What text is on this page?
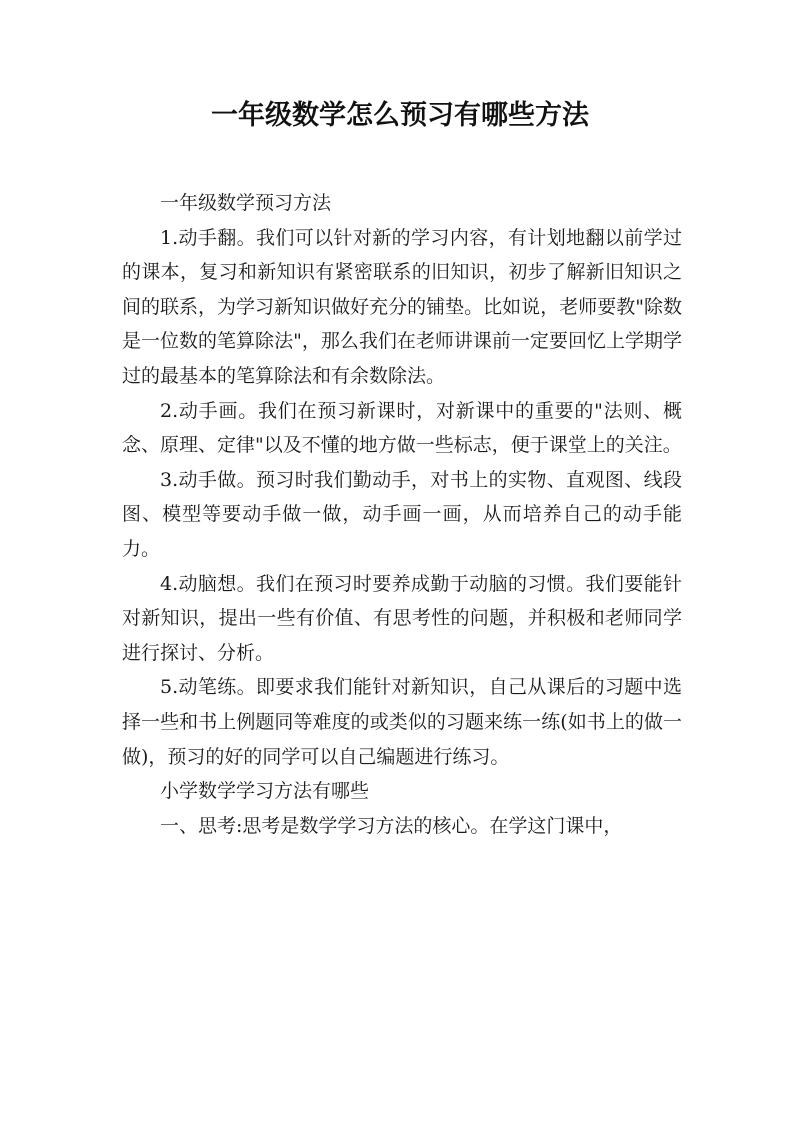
一年级数学怎么预习有哪些方法

一年级数学预习方法

1.动手翻。我们可以针对新的学习内容，有计划地翻以前学过的课本，复习和新知识有紧密联系的旧知识，初步了解新旧知识之间的联系，为学习新知识做好充分的铺垫。比如说，老师要教"除数是一位数的笔算除法"，那么我们在老师讲课前一定要回忆上学期学过的最基本的笔算除法和有余数除法。

2.动手画。我们在预习新课时，对新课中的重要的"法则、概念、原理、定律"以及不懂的地方做一些标志，便于课堂上的关注。

3.动手做。预习时我们勤动手，对书上的实物、直观图、线段图、模型等要动手做一做，动手画一画，从而培养自己的动手能力。

4.动脑想。我们在预习时要养成勤于动脑的习惯。我们要能针对新知识，提出一些有价值、有思考性的问题，并积极和老师同学进行探讨、分析。

5.动笔练。即要求我们能针对新知识，自己从课后的习题中选择一些和书上例题同等难度的或类似的习题来练一练(如书上的做一做)，预习的好的同学可以自己编题进行练习。

小学数学学习方法有哪些

一、思考:思考是数学学习方法的核心。在学这门课中，
